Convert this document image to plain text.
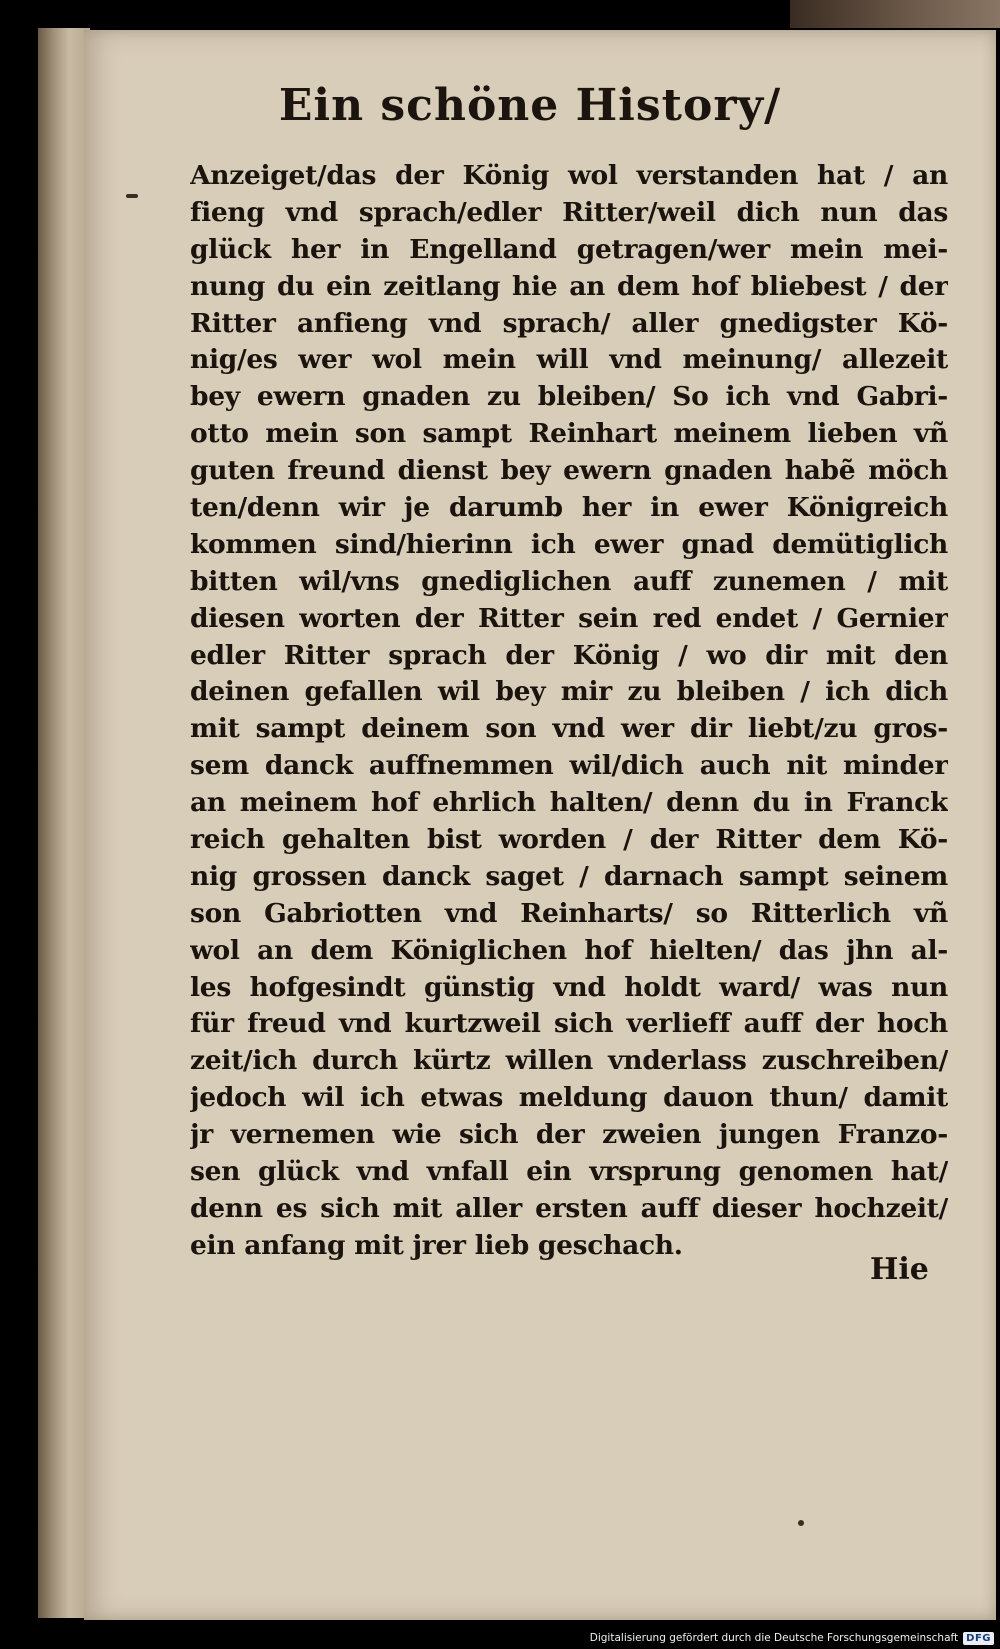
Ein schöne History/
Anzeiget/das der König wol verstanden hat / an
fieng vnd sprach/edler Ritter/weil dich nun das
glück her in Engelland getragen/wer mein mei-
nung du ein zeitlang hie an dem hof bliebest / der
Ritter anfieng vnd sprach/ aller gnedigster Kö-
nig/es wer wol mein will vnd meinung/ allezeit
bey ewern gnaden zu bleiben/ So ich vnd Gabri-
otto mein son sampt Reinhart meinem lieben vñ
guten freund dienst bey ewern gnaden habẽ möch
ten/denn wir je darumb her in ewer Königreich
kommen sind/hierinn ich ewer gnad demütiglich
bitten wil/vns gnediglichen auff zunemen / mit
diesen worten der Ritter sein red endet / Gernier
edler Ritter sprach der König / wo dir mit den
deinen gefallen wil bey mir zu bleiben / ich dich
mit sampt deinem son vnd wer dir liebt/zu gros-
sem danck auffnemmen wil/dich auch nit minder
an meinem hof ehrlich halten/ denn du in Franck
reich gehalten bist worden / der Ritter dem Kö-
nig grossen danck saget / darnach sampt seinem
son Gabriotten vnd Reinharts/ so Ritterlich vñ
wol an dem Königlichen hof hielten/ das jhn al-
les hofgesindt günstig vnd holdt ward/ was nun
für freud vnd kurtzweil sich verlieff auff der hoch
zeit/ich durch kürtz willen vnderlass zuschreiben/
jedoch wil ich etwas meldung dauon thun/ damit
jr vernemen wie sich der zweien jungen Franzo-
sen glück vnd vnfall ein vrsprung genomen hat/
denn es sich mit aller ersten auff dieser hochzeit/
ein anfang mit jrer lieb geschach.
Hie
Digitalisierung gefördert durch die Deutsche Forschungsgemeinschaft DFG
